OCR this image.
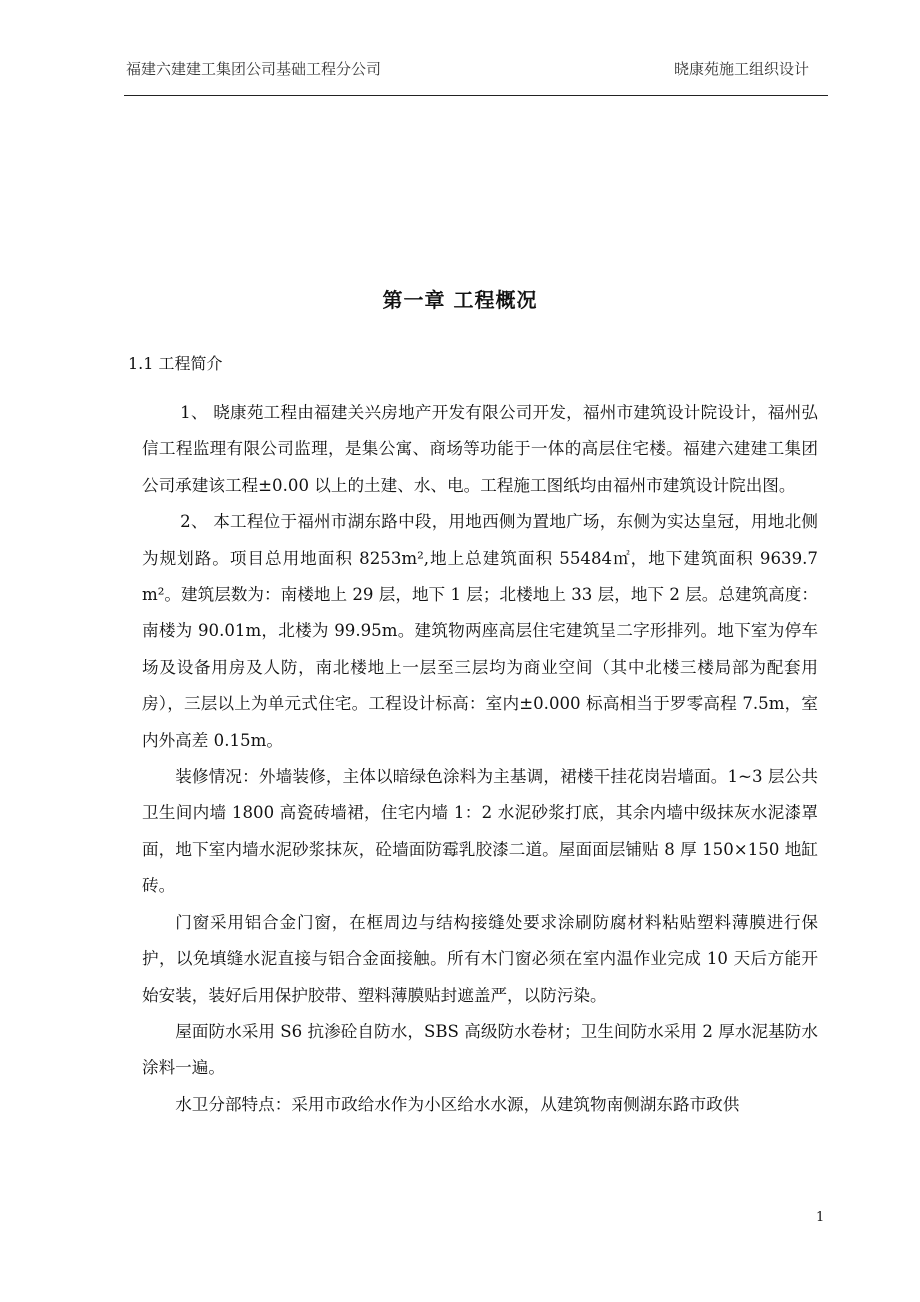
福建六建建工集团公司基础工程分公司	晓康苑施工组织设计
第一章 工程概况
1.1 工程简介

1、 晓康苑工程由福建关兴房地产开发有限公司开发，福州市建筑设计院设计，福州弘信工程监理有限公司监理，是集公寓、商场等功能于一体的高层住宅楼。福建六建建工集团公司承建该工程±0.00 以上的土建、水、电。工程施工图纸均由福州市建筑设计院出图。

2、 本工程位于福州市湖东路中段，用地西侧为置地广场，东侧为实达皇冠，用地北侧为规划路。项目总用地面积 8253m²,地上总建筑面积 55484㎡，地下建筑面积 9639.7 m²。建筑层数为：南楼地上 29 层，地下 1 层；北楼地上 33 层，地下 2 层。总建筑高度：南楼为 90.01m，北楼为 99.95m。建筑物两座高层住宅建筑呈二字形排列。地下室为停车场及设备用房及人防，南北楼地上一层至三层均为商业空间（其中北楼三楼局部为配套用房），三层以上为单元式住宅。工程设计标高：室内±0.000 标高相当于罗零高程 7.5m，室内外高差 0.15m。

装修情况：外墙装修，主体以暗绿色涂料为主基调，裙楼干挂花岗岩墙面。1~3 层公共卫生间内墙 1800 高瓷砖墙裙，住宅内墙 1：2 水泥砂浆打底，其余内墙中级抹灰水泥漆罩面，地下室内墙水泥砂浆抹灰，砼墙面防霉乳胶漆二道。屋面面层铺贴 8 厚 150×150 地缸砖。

门窗采用铝合金门窗，在框周边与结构接缝处要求涂刷防腐材料粘贴塑料薄膜进行保护，以免填缝水泥直接与铝合金面接触。所有木门窗必须在室内温作业完成 10 天后方能开始安装，装好后用保护胶带、塑料薄膜贴封遮盖严，以防污染。

屋面防水采用 S6 抗渗砼自防水，SBS 高级防水卷材；卫生间防水采用 2 厚水泥基防水涂料一遍。

水卫分部特点：采用市政给水作为小区给水水源，从建筑物南侧湖东路市政供

1
